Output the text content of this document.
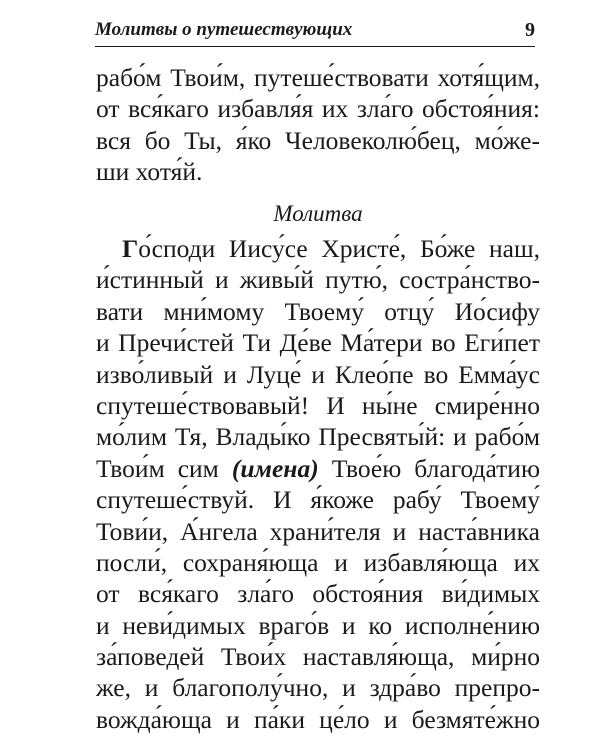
Молитвы о путешествующих	9
рабо́м Твои́м, путеше́ствовати хотя́щим,
от вся́каго избавля́я их зла́го обстоя́ния:
вся бо Ты, я́ко Человеколю́бец, мо́же-
ши хотя́й.
Молитва
Го́споди Иису́се Христе́, Бо́же наш,
и́стинный и живы́й путю́, состра́нство-
вати мни́мому Твоему́ отцу́ Ио́сифу
и Пречи́стей Ти Де́ве Ма́тери во Еги́пет
изво́ливый и Луце́ и Клео́пе во Емма́ус
спутеше́ствовавый! И ны́не смире́нно
мо́лим Тя, Влады́ко Пресвяты́й: и рабо́м
Твои́м сим (имена) Твое́ю благода́тию
спутеше́ствуй. И я́коже рабу́ Твоему́
Тови́и, А́нгела храни́теля и наста́вника
посли́, сохраня́юща и избавля́юща их
от вся́каго зла́го обстоя́ния ви́димых
и неви́димых враго́в и ко исполне́нию
за́поведей Твои́х наставля́юща, ми́рно
же, и благополу́чно, и здра́во препро-
вожда́юща и па́ки це́ло и безмяте́жно
